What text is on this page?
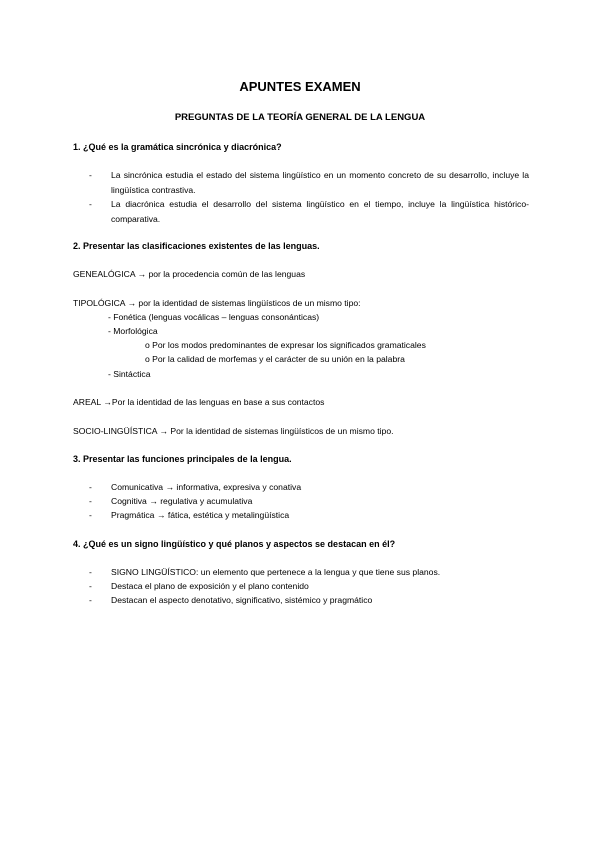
APUNTES EXAMEN
PREGUNTAS DE LA TEORÍA GENERAL DE LA LENGUA
1. ¿Qué es la gramática sincrónica y diacrónica?
- La sincrónica estudia el estado del sistema lingüístico en un momento concreto de su desarrollo, incluye la lingüística contrastiva.
- La diacrónica estudia el desarrollo del sistema lingüístico en el tiempo, incluye la lingüística histórico-comparativa.
2. Presentar las clasificaciones existentes de las lenguas.
GENEALÓGICA → por la procedencia común de las lenguas
TIPOLÓGICA → por la identidad de sistemas lingüísticos de un mismo tipo:
- Fonética (lenguas vocálicas – lenguas consonánticas)
- Morfológica
o Por los modos predominantes de expresar los significados gramaticales
o Por la calidad de morfemas y el carácter de su unión en la palabra
- Sintáctica
AREAL →Por la identidad de las lenguas en base a sus contactos
SOCIO-LINGÜÍSTICA → Por la identidad de sistemas lingüísticos de un mismo tipo.
3. Presentar las funciones principales de la lengua.
- Comunicativa → informativa, expresiva y conativa
- Cognitiva → regulativa y acumulativa
- Pragmática → fática, estética y metalingüística
4. ¿Qué es un signo lingüístico y qué planos y aspectos se destacan en él?
- SIGNO LINGÜÍSTICO: un elemento que pertenece a la lengua y que tiene sus planos.
- Destaca el plano de exposición y el plano contenido
- Destacan el aspecto denotativo, significativo, sistémico y pragmático
